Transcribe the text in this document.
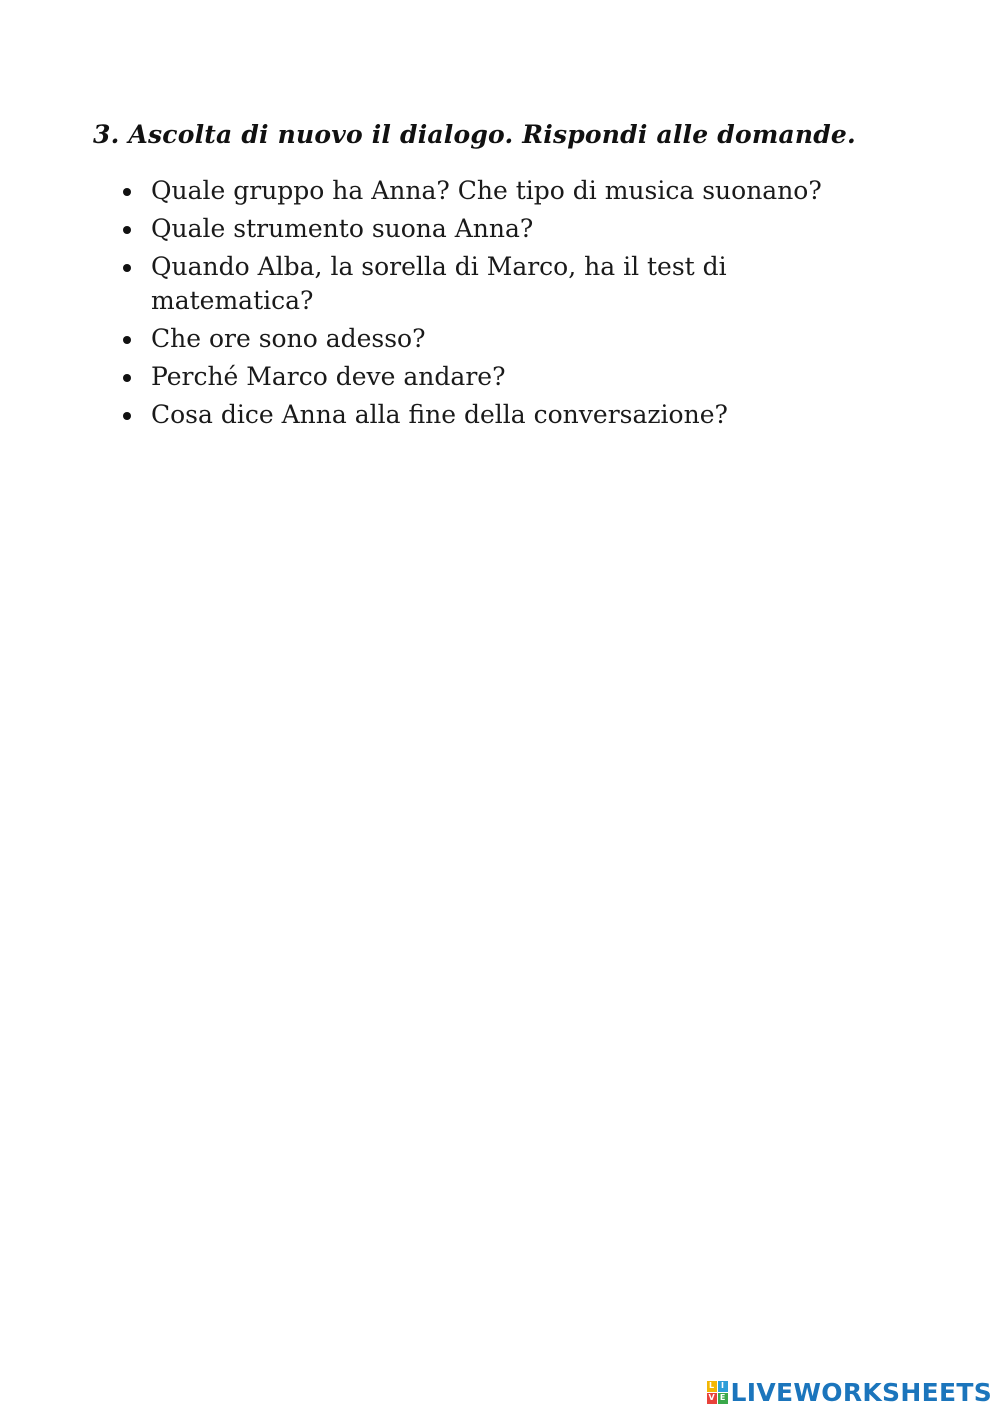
3. Ascolta di nuovo il dialogo. Rispondi alle domande.
Quale gruppo ha Anna? Che tipo di musica suonano?
Quale strumento suona Anna?
Quando Alba, la sorella di Marco, ha il test di matematica?
Che ore sono adesso?
Perché Marco deve andare?
Cosa dice Anna alla fine della conversazione?
L I
V E LIVEWORKSHEETS
